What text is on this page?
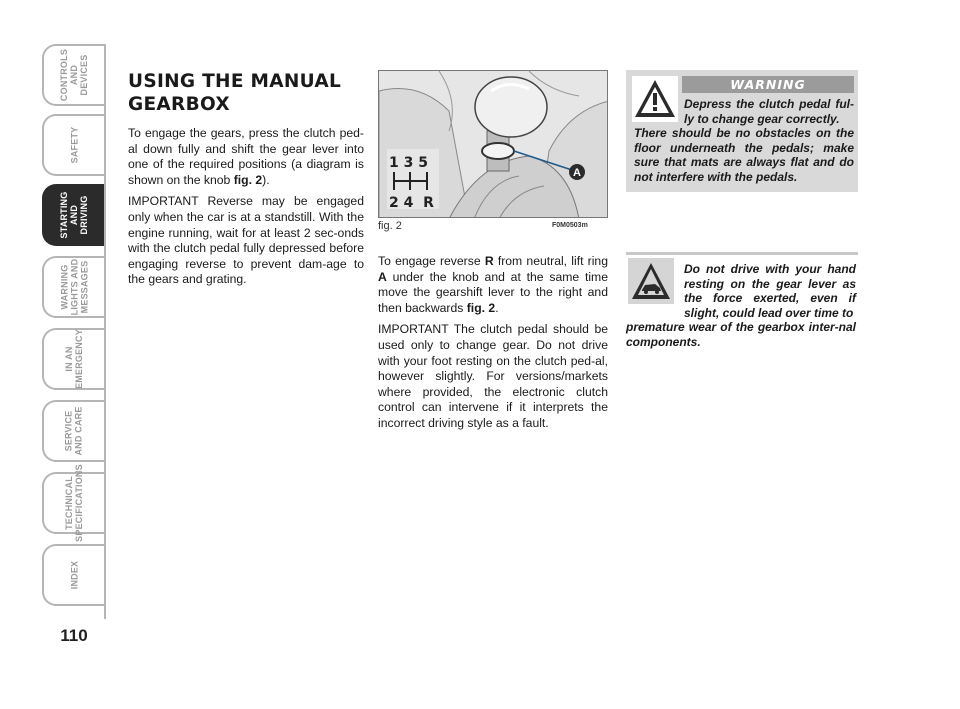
CONTROLS
AND DEVICES
SAFETY
STARTING
AND DRIVING
WARNING
LIGHTS AND
MESSAGES
IN AN
EMERGENCY
SERVICE
AND CARE
TECHNICAL
SPECIFICATIONS
INDEX
110
USING THE MANUAL
GEARBOX

To engage the gears, press the clutch ped-al down fully and shift the gear lever into one of the required positions (a diagram is shown on the knob fig. 2).

IMPORTANT Reverse may be engaged only when the car is at a standstill. With the engine running, wait for at least 2 sec-onds with the clutch pedal fully depressed before engaging reverse to prevent dam-age to the gears and grating.

A
1 3 5
2 4  R
fig. 2	F0M0503m

To engage reverse R from neutral, lift ring A under the knob and at the same time move the gearshift lever to the right and then backwards fig. 2.

IMPORTANT The clutch pedal should be used only to change gear. Do not drive with your foot resting on the clutch ped-al, however slightly. For versions/markets where provided, the electronic clutch control can intervene if it interprets the incorrect driving style as a fault.

WARNING
Depress the clutch pedal ful-ly to change gear correctly.
There should be no obstacles on the floor underneath the pedals; make sure that mats are always flat and do not interfere with the pedals.
Do not drive with your hand resting on the gear lever as the force exerted, even if slight, could lead over time to
premature wear of the gearbox inter-nal components.
